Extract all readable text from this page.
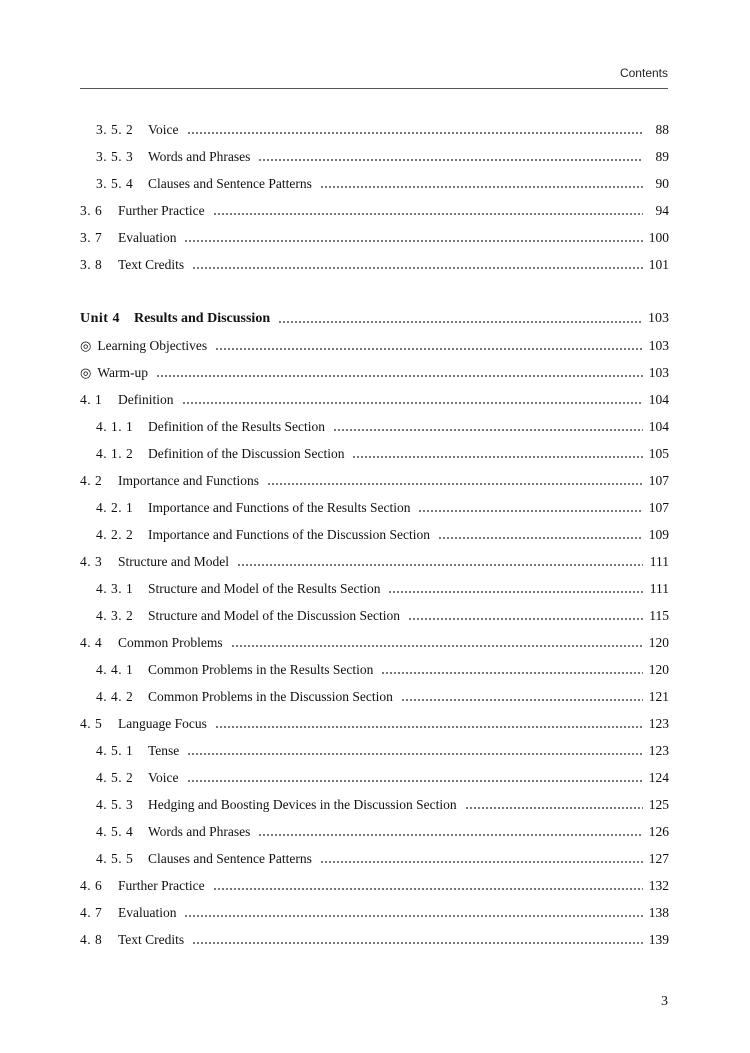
Contents
3. 5. 2	Voice	88
3. 5. 3	Words and Phrases	89
3. 5. 4	Clauses and Sentence Patterns	90
3. 6	Further Practice	94
3. 7	Evaluation	100
3. 8	Text Credits	101
Unit 4 Results and Discussion	103
◎ Learning Objectives	103
◎ Warm-up	103
4. 1	Definition	104
4. 1. 1	Definition of the Results Section	104
4. 1. 2	Definition of the Discussion Section	105
4. 2	Importance and Functions	107
4. 2. 1	Importance and Functions of the Results Section	107
4. 2. 2	Importance and Functions of the Discussion Section	109
4. 3	Structure and Model	111
4. 3. 1	Structure and Model of the Results Section	111
4. 3. 2	Structure and Model of the Discussion Section	115
4. 4	Common Problems	120
4. 4. 1	Common Problems in the Results Section	120
4. 4. 2	Common Problems in the Discussion Section	121
4. 5	Language Focus	123
4. 5. 1	Tense	123
4. 5. 2	Voice	124
4. 5. 3	Hedging and Boosting Devices in the Discussion Section	125
4. 5. 4	Words and Phrases	126
4. 5. 5	Clauses and Sentence Patterns	127
4. 6	Further Practice	132
4. 7	Evaluation	138
4. 8	Text Credits	139
3
